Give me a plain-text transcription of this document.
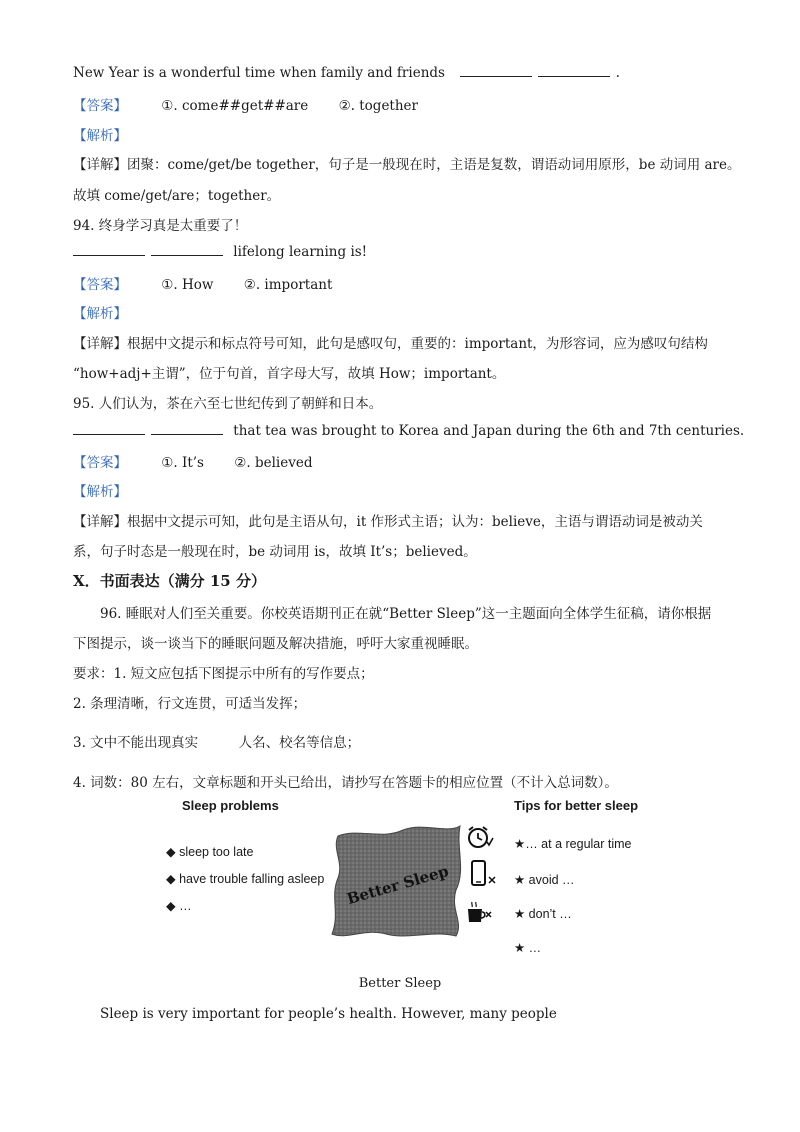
New Year is a wonderful time when family and friends	.
【答案】	①. come##get##are ②. together
【解析】
【详解】团聚：come/get/be together，句子是一般现在时，主语是复数，谓语动词用原形，be 动词用 are。
故填 come/get/are；together。
94. 终身学习真是太重要了！
lifelong learning is!
【答案】	①. How ②. important
【解析】
【详解】根据中文提示和标点符号可知，此句是感叹句，重要的：important，为形容词，应为感叹句结构
“how+adj+主谓”，位于句首，首字母大写，故填 How；important。
95. 人们认为，茶在六至七世纪传到了朝鲜和日本。
that tea was brought to Korea and Japan during the 6th and 7th centuries.
【答案】	①. It’s ②. believed
【解析】
【详解】根据中文提示可知，此句是主语从句，it 作形式主语；认为：believe，主语与谓语动词是被动关
系，句子时态是一般现在时，be 动词用 is，故填 It’s；believed。
X．书面表达（满分 15 分）
96. 睡眠对人们至关重要。你校英语期刊正在就“Better Sleep”这一主题面向全体学生征稿，请你根据
下图提示，谈一谈当下的睡眠问题及解决措施，呼吁大家重视睡眠。
要求：1. 短文应包括下图提示中所有的写作要点；
2. 条理清晰，行文连贯，可适当发挥；
3. 文中不能出现真实　　　人名、校名等信息；
4. 词数：80 左右，文章标题和开头已给出，请抄写在答题卡的相应位置（不计入总词数）。
Sleep problems
◆ sleep too late
◆ have trouble falling asleep
◆ …	Better Sleep
Tips for better sleep
★… at a regular time
★ avoid …
★ don’t …
★ …
Better Sleep
Sleep is very important for people’s health. However, many people
